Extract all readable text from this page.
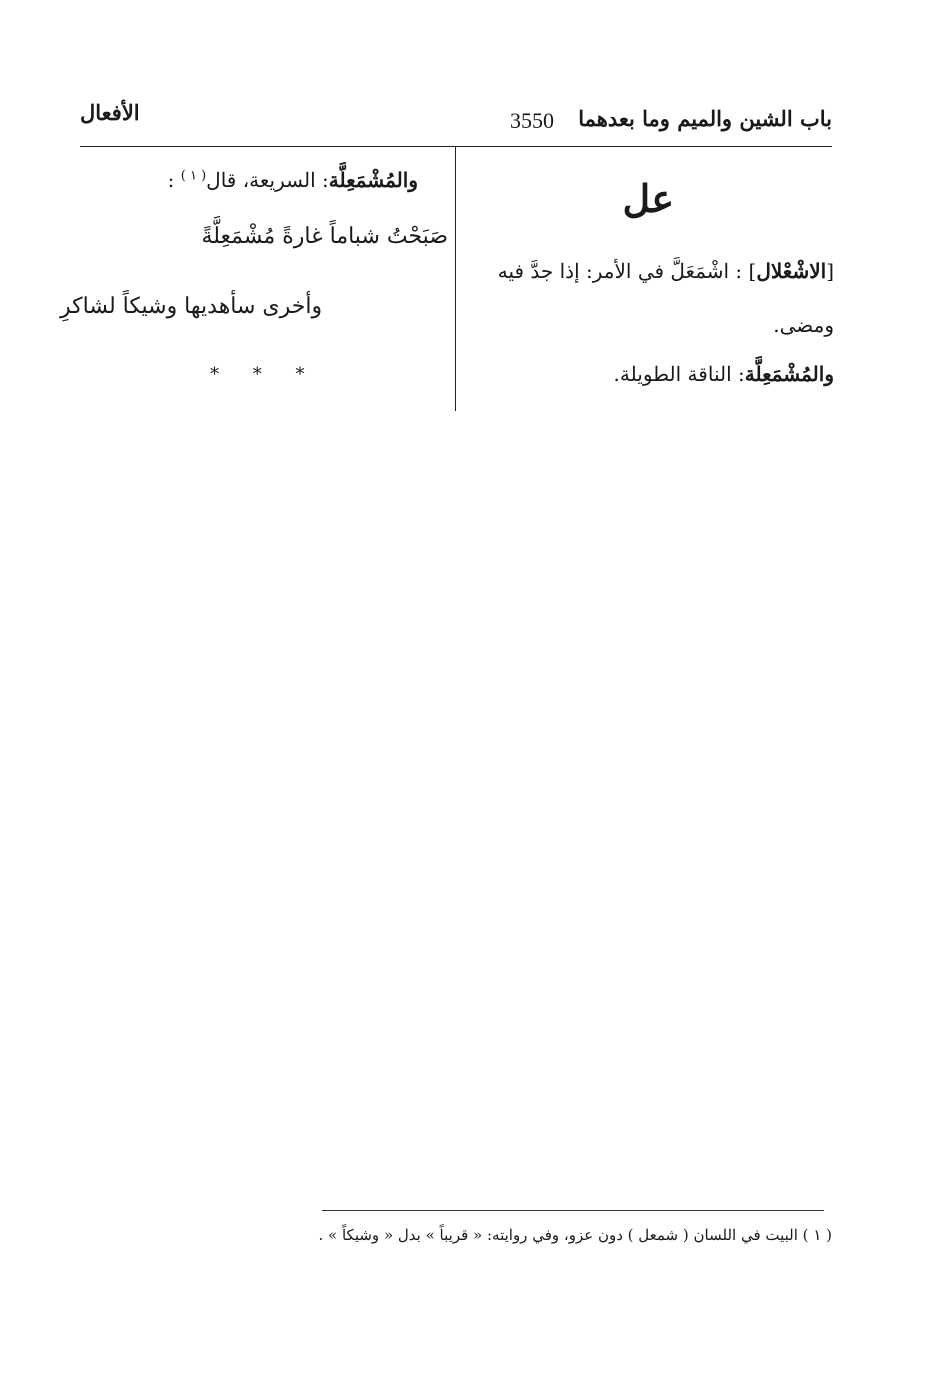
باب الشين والميم وما بعدهما
3550
الأفعال
عل
[الاشْعْلال] : اشْمَعَلَّ في الأمر: إذا جدَّ فيه ومضى.
والمُشْمَعِلَّة: الناقة الطويلة.
والمُشْمَعِلَّة: السريعة، قال$^{( ١ )}$ :
صَبَحْتُ شباماً غارةً مُشْمَعِلَّةً
وأخرى سأهديها وشيكاً لشاكرِ
* * *
( ١ ) البيت في اللسان ( شمعل ) دون عزو، وفي روايته: « قريباً » بدل « وشيكاً » .
